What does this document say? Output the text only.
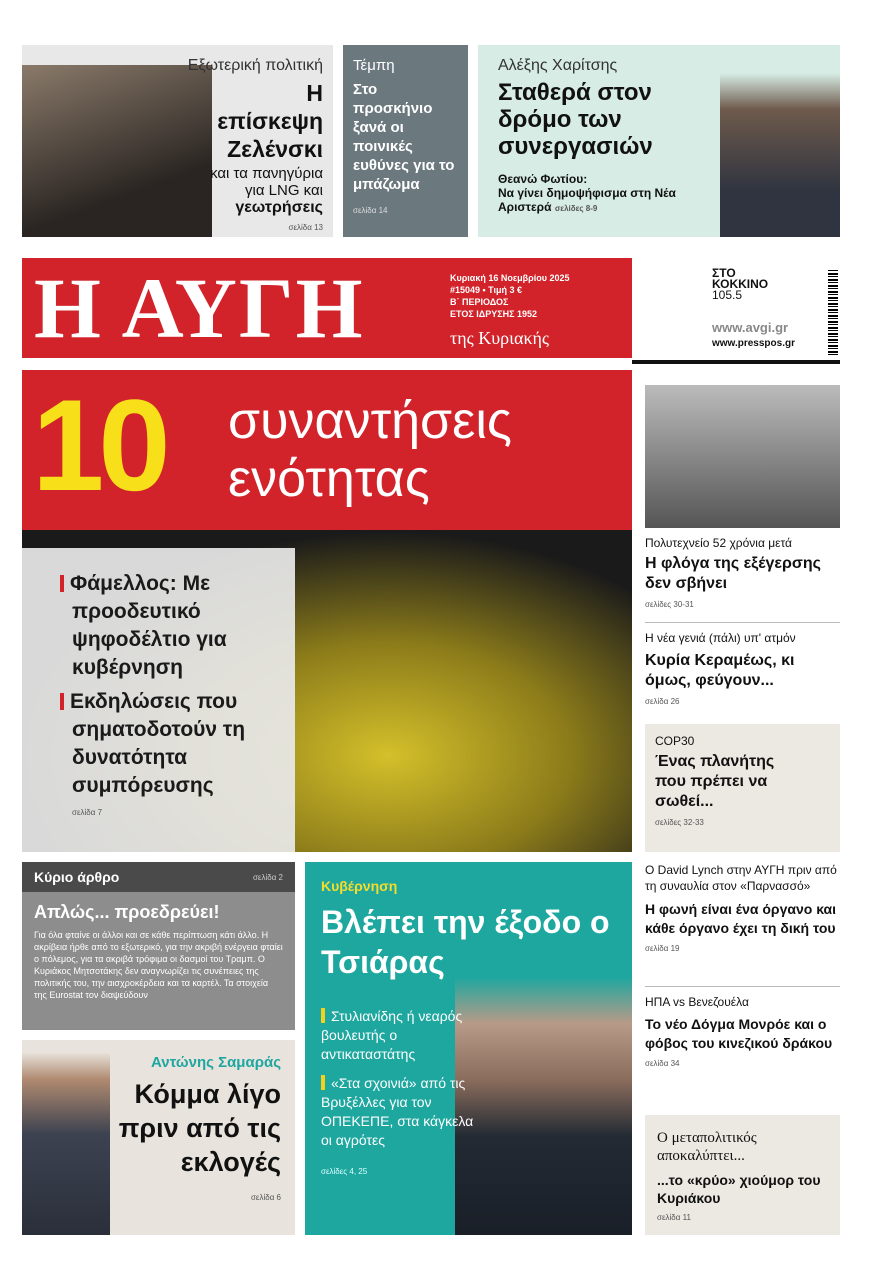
Εξωτερική πολιτική
Η επίσκεψη Ζελένσκι
και τα πανηγύρια
για LNG και
γεωτρήσεις
σελίδα 13
Τέμπη
Στο προσκήνιο ξανά οι ποινικές ευθύνες για το μπάζωμα
σελίδα 14
Αλέξης Χαρίτσης
Σταθερά στον δρόμο των συνεργασιών
Θεανώ Φωτίου:
Να γίνει δημοψήφισμα στη Νέα Αριστερά σελίδες 8-9
Η ΑΥΓΗ	Κυριακή 16 Νοεμβρίου 2025
#15049 • Τιμή 3 €
Β΄ ΠΕΡΙΟΔΟΣ
ΕΤΟΣ ΙΔΡΥΣΗΣ 1952
της Κυριακής
ΣΤΟ
ΚΟΚΚΙΝΟ
105.5
www.avgi.gr
www.presspos.gr
10 συναντήσεις
ενότητας
Φάμελλος: Με προοδευτικό ψηφοδέλτιο για κυβέρνηση
Εκδηλώσεις που σηματοδοτούν τη δυνατότητα συμπόρευσης
σελίδα 7
Πολυτεχνείο 52 χρόνια μετά
Η φλόγα της εξέγερσης δεν σβήνει
σελίδες 30-31
Η νέα γενιά (πάλι) υπ' ατμόν
Κυρία Κεραμέως, κι όμως, φεύγουν...
σελίδα 26
COP30
Ένας πλανήτης που πρέπει να σωθεί...
σελίδες 32-33
Ο David Lynch στην ΑΥΓΗ πριν από τη συναυλία στον «Παρνασσό»
Η φωνή είναι ένα όργανο και κάθε όργανο έχει τη δική του
σελίδα 19
ΗΠΑ vs Βενεζουέλα
Το νέο Δόγμα Μονρόε και ο φόβος του κινεζικού δράκου
σελίδα 34
Ο μεταπολιτικός αποκαλύπτει...
...το «κρύο» χιούμορ του Κυριάκου
σελίδα 11
Κύριο άρθρο	σελίδα 2
Απλώς... προεδρεύει!
Για όλα φταίνε οι άλλοι και σε κάθε περίπτωση κάτι άλλο. Η ακρίβεια ήρθε από το εξωτερικό, για την ακριβή ενέργεια φταίει ο πόλεμος, για τα ακριβά τρόφιμα οι δασμοί του Τραμπ. Ο Κυριάκος Μητσοτάκης δεν αναγνωρίζει τις συνέπειες της πολιτικής του, την αισχροκέρδεια και τα καρτέλ. Τα στοιχεία της Eurostat τον διαψεύδουν
Αντώνης Σαμαράς
Κόμμα λίγο πριν από τις εκλογές
σελίδα 6
Κυβέρνηση
Βλέπει την έξοδο ο Τσιάρας
Στυλιανίδης ή νεαρός βουλευτής ο αντικαταστάτης
«Στα σχοινιά» από τις Βρυξέλλες για τον ΟΠΕΚΕΠΕ, στα κάγκελα οι αγρότες
σελίδες 4, 25
